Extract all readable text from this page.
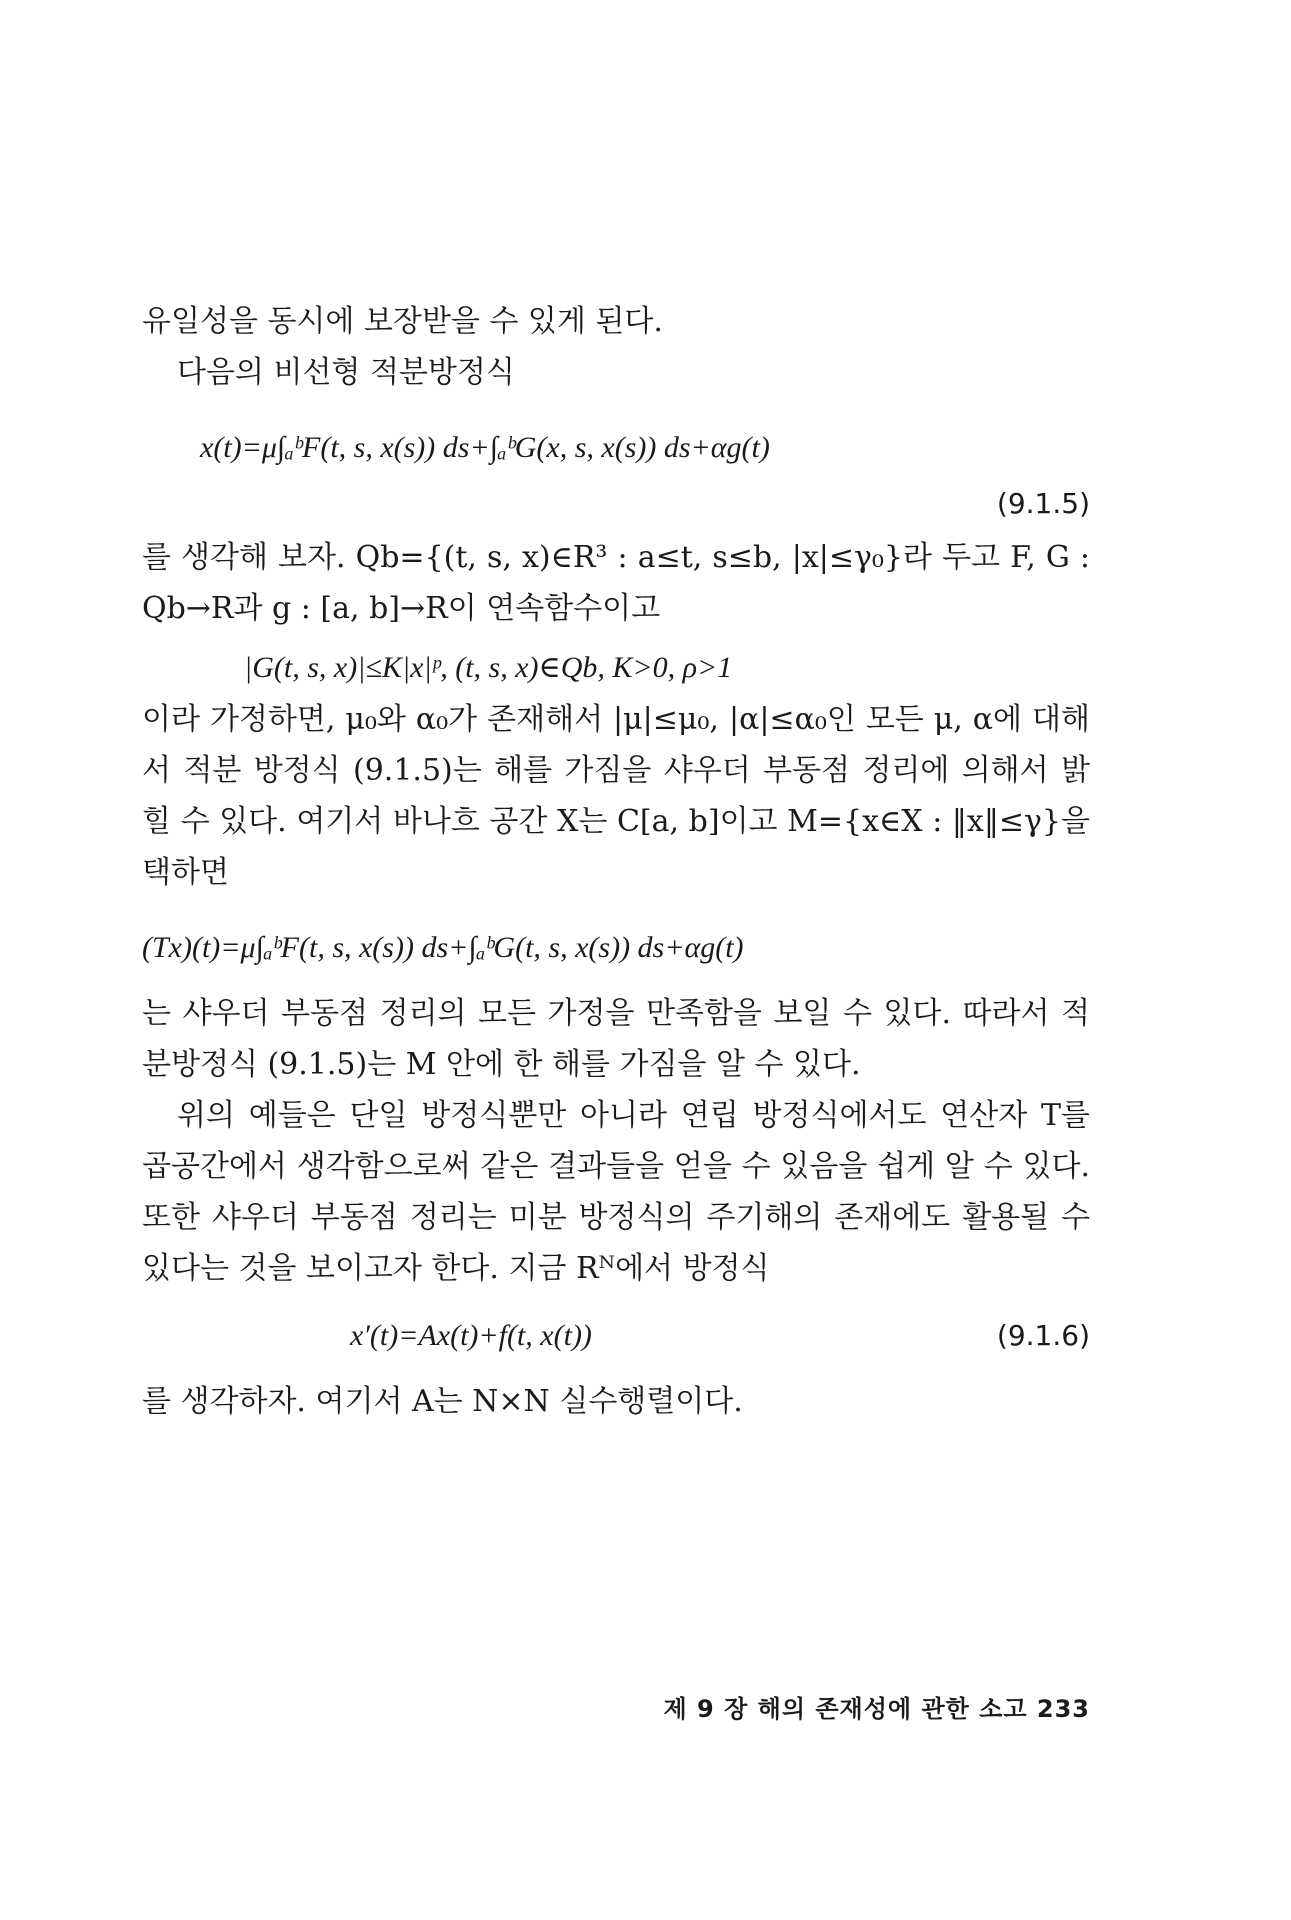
유일성을 동시에 보장받을 수 있게 된다.

다음의 비선형 적분방정식

x(t)=μ∫ₐᵇF(t, s, x(s)) ds+∫ₐᵇG(x, s, x(s)) ds+αg(t)
(9.1.5)

를 생각해 보자. Qb={(t, s, x)∈R³ : a≤t, s≤b, |x|≤γ₀}라 두고 F, G : Qb→R과 g : [a, b]→R이 연속함수이고

|G(t, s, x)|≤K|x|ᵖ, (t, s, x)∈Qb, K>0, ρ>1

이라 가정하면, μ₀와 α₀가 존재해서 |μ|≤μ₀, |α|≤α₀인 모든 μ, α에 대해서 적분 방정식 (9.1.5)는 해를 가짐을 샤우더 부동점 정리에 의해서 밝힐 수 있다. 여기서 바나흐 공간 X는 C[a, b]이고 M={x∈X : ‖x‖≤γ}을 택하면

(Tx)(t)=μ∫ₐᵇF(t, s, x(s)) ds+∫ₐᵇG(t, s, x(s)) ds+αg(t)

는 샤우더 부동점 정리의 모든 가정을 만족함을 보일 수 있다. 따라서 적분방정식 (9.1.5)는 M 안에 한 해를 가짐을 알 수 있다.

위의 예들은 단일 방정식뿐만 아니라 연립 방정식에서도 연산자 T를 곱공간에서 생각함으로써 같은 결과들을 얻을 수 있음을 쉽게 알 수 있다. 또한 샤우더 부동점 정리는 미분 방정식의 주기해의 존재에도 활용될 수 있다는 것을 보이고자 한다. 지금 Rᴺ에서 방정식

x′(t)=Ax(t)+f(t, x(t))	(9.1.6)

를 생각하자. 여기서 A는 N×N 실수행렬이다.

제 9 장 해의 존재성에 관한 소고 233
